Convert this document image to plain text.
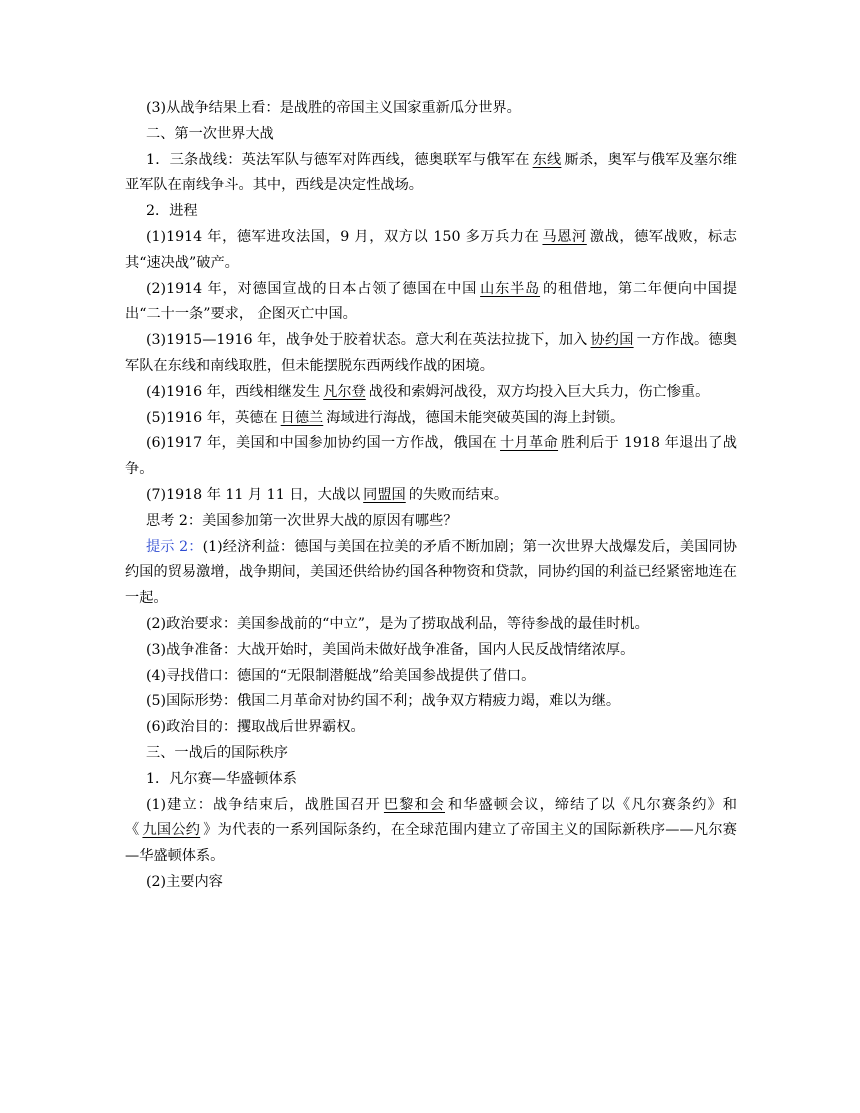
(3)从战争结果上看：是战胜的帝国主义国家重新瓜分世界。

二、第一次世界大战

1．三条战线：英法军队与德军对阵西线，德奥联军与俄军在 东线 厮杀，奥军与俄军及塞尔维亚军队在南线争斗。其中，西线是决定性战场。

2．进程

(1)1914 年，德军进攻法国，9 月，双方以 150 多万兵力在 马恩河 激战，德军战败，标志其“速决战”破产。

(2)1914 年，对德国宣战的日本占领了德国在中国 山东半岛 的租借地，第二年便向中国提出“二十一条”要求， 企图灭亡中国。

(3)1915—1916 年，战争处于胶着状态。意大利在英法拉拢下，加入 协约国 一方作战。德奥军队在东线和南线取胜，但未能摆脱东西两线作战的困境。

(4)1916 年，西线相继发生 凡尔登 战役和索姆河战役，双方均投入巨大兵力，伤亡惨重。

(5)1916 年，英德在 日德兰 海域进行海战，德国未能突破英国的海上封锁。

(6)1917 年，美国和中国参加协约国一方作战，俄国在 十月革命 胜利后于 1918 年退出了战争。

(7)1918 年 11 月 11 日，大战以 同盟国 的失败而结束。

思考 2：美国参加第一次世界大战的原因有哪些？

提示 2：(1)经济利益：德国与美国在拉美的矛盾不断加剧；第一次世界大战爆发后，美国同协约国的贸易激增，战争期间，美国还供给协约国各种物资和贷款，同协约国的利益已经紧密地连在一起。

(2)政治要求：美国参战前的“中立”，是为了捞取战利品，等待参战的最佳时机。

(3)战争准备：大战开始时，美国尚未做好战争准备，国内人民反战情绪浓厚。

(4)寻找借口：德国的“无限制潜艇战”给美国参战提供了借口。

(5)国际形势：俄国二月革命对协约国不利；战争双方精疲力竭，难以为继。

(6)政治目的：攫取战后世界霸权。

三、一战后的国际秩序

1．凡尔赛—华盛顿体系

(1)建立：战争结束后，战胜国召开 巴黎和会 和华盛顿会议，缔结了以《凡尔赛条约》和《 九国公约 》为代表的一系列国际条约，在全球范围内建立了帝国主义的国际新秩序——凡尔赛—华盛顿体系。

(2)主要内容
